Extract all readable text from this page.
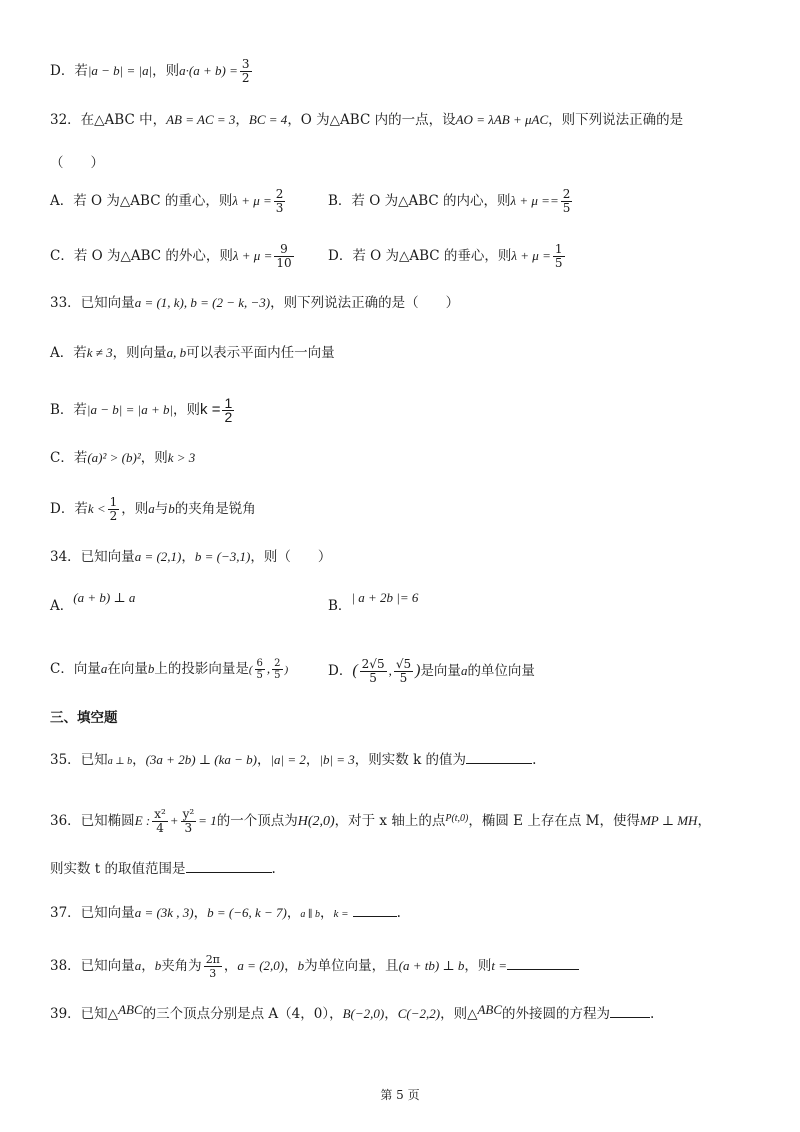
D．若|a − b| = |a|，则$a\cdot(a + b) = \frac{3}{2}$
32．在△ABC 中，AB = AC = 3，BC = 4，O 为△ABC 内的一点，设AO = λAB + μAC，则下列说法正确的是
（　　）
A．若 O 为△ABC 的重心，则$\lambda + \mu = \frac{2}{3}$	B．若 O 为△ABC 的内心，则$\lambda + \mu == \frac{2}{5}$
C．若 O 为△ABC 的外心，则$\lambda + \mu = \frac{9}{10}$	D．若 O 为△ABC 的垂心，则$\lambda + \mu = \frac{1}{5}$
33．已知向量a = (1, k), b = (2 − k, −3)，则下列说法正确的是（　　）
A．若k ≠ 3，则向量a, b可以表示平面内任一向量
B．若|a − b| = |a + b|，则$k = \frac{1}{2}$
C．若(a)² > (b)²，则k > 3
D．若$k < \frac{1}{2}$ ，则a与b的夹角是锐角
34．已知向量a = (2,1)，b = (−3,1)，则（　　）
A．(a + b) ⊥ a
B．| a + 2b |= 6
C．向量a在向量b上的投影向量是( $\frac{6}{5}$ , $\frac{2}{5}$ )	D．( $\frac{2√5}{5}$ , $\frac{√5}{5}$ )是向量a的单位向量
三、填空题
35．已知a ⊥ b，(3a + 2b) ⊥ (ka − b)，|a| = 2，|b| = 3，则实数 k 的值为	.
36．已知椭圆E : $\frac{\text{x²}}{4} + \frac{\text{y²}}{3} = 1$的一个顶点为H(2,0)，对于 x 轴上的点$^{P(t,0)}$，椭圆 E 上存在点 M，使得MP ⊥ MH，
则实数 t 的取值范围是	.
37．已知向量a = (3k , 3)，b = (−6, k − 7)，a ∥ b，k =	.
38．已知向量a，b夹角为 $\frac{2\pi}{3}$ ，a = (2,0)，b为单位向量，且(a + tb) ⊥ b，则t =
39．已知△ABC的三个顶点分别是点 A（4，0），B(−2,0)，C(−2,2)，则△ABC的外接圆的方程为	.
第 5 页
